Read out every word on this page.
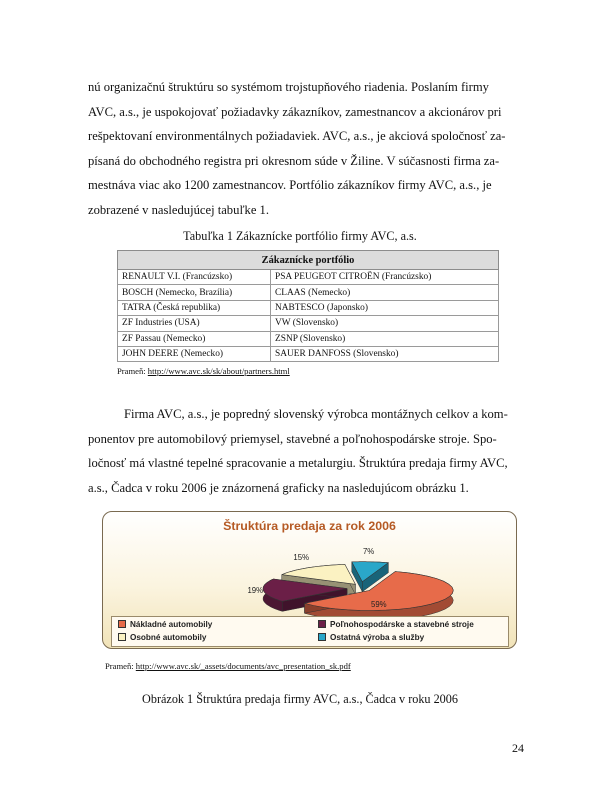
nú organizačnú štruktúru so systémom trojstupňového riadenia. Poslaním firmy
AVC, a.s., je uspokojovať požiadavky zákazníkov, zamestnancov a akcionárov pri
rešpektovaní environmentálnych požiadaviek. AVC, a.s., je akciová spoločnosť za-
písaná do obchodného registra pri okresnom súde v Žiline. V súčasnosti firma za-
mestnáva viac ako 1200 zamestnancov. Portfólio zákazníkov firmy AVC, a.s., je
zobrazené v nasledujúcej tabuľke 1.

Tabuľka 1 Zákaznícke portfólio firmy AVC, a.s.

Zákaznícke portfólio	
RENAULT V.I. (Francúzsko)	PSA PEUGEOT CITROËN (Francúzsko)
BOSCH (Nemecko, Brazília)	CLAAS (Nemecko)
TATRA (Česká republika)	NABTESCO (Japonsko)
ZF Industries (USA)	VW (Slovensko)
ZF Passau (Nemecko)	ZSNP (Slovensko)
JOHN DEERE (Nemecko)	SAUER DANFOSS (Slovensko)

Prameň: http://www.avc.sk/sk/about/partners.html

Firma AVC, a.s., je popredný slovenský výrobca montážnych celkov a kom-
ponentov pre automobilový priemysel, stavebné a poľnohospodárske stroje. Spo-
ločnosť má vlastné tepelné spracovanie a metalurgiu. Štruktúra predaja firmy AVC,
a.s., Čadca v roku 2006 je znázornená graficky na nasledujúcom obrázku 1.

Štruktúra predaja za rok 2006
59%
19%
15%
7%
Nákladné automobily	Poľnohospodárske a stavebné stroje
Osobné automobily	Ostatná výroba a služby

Prameň: http://www.avc.sk/_assets/documents/avc_presentation_sk.pdf

Obrázok 1 Štruktúra predaja firmy AVC, a.s., Čadca v roku 2006

24
